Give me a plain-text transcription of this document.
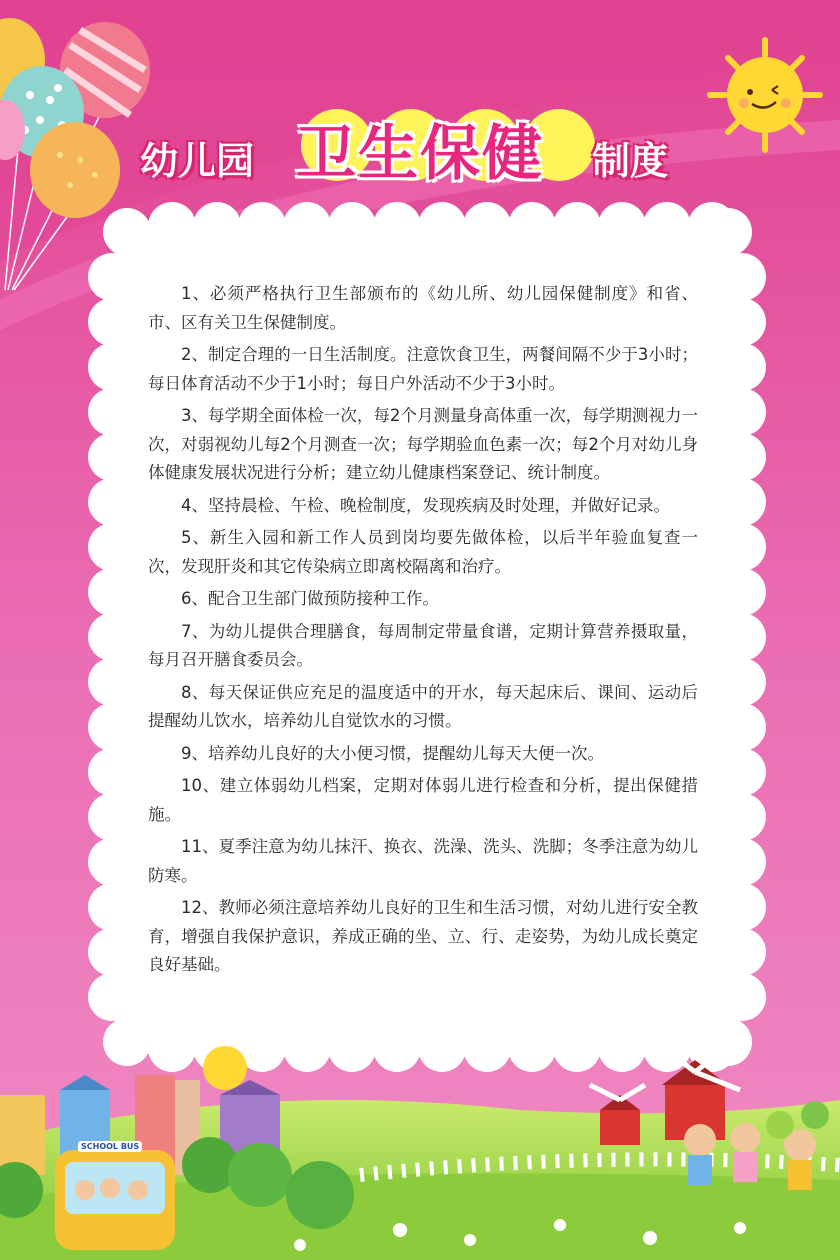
幼儿园 卫生保健 制度

1、必须严格执行卫生部颁布的《幼儿所、幼儿园保健制度》和省、市、区有关卫生保健制度。

2、制定合理的一日生活制度。注意饮食卫生，两餐间隔不少于3小时；每日体育活动不少于1小时；每日户外活动不少于3小时。

3、每学期全面体检一次，每2个月测量身高体重一次，每学期测视力一次，对弱视幼儿每2个月测查一次；每学期验血色素一次；每2个月对幼儿身体健康发展状况进行分析；建立幼儿健康档案登记、统计制度。

4、坚持晨检、午检、晚检制度，发现疾病及时处理，并做好记录。

5、新生入园和新工作人员到岗均要先做体检，以后半年验血复查一次，发现肝炎和其它传染病立即离校隔离和治疗。

6、配合卫生部门做预防接种工作。

7、为幼儿提供合理膳食，每周制定带量食谱，定期计算营养摄取量，每月召开膳食委员会。

8、每天保证供应充足的温度适中的开水，每天起床后、课间、运动后提醒幼儿饮水，培养幼儿自觉饮水的习惯。

9、培养幼儿良好的大小便习惯，提醒幼儿每天大便一次。

10、建立体弱幼儿档案，定期对体弱儿进行检查和分析，提出保健措施。

11、夏季注意为幼儿抹汗、换衣、洗澡、洗头、洗脚；冬季注意为幼儿防寒。

12、教师必须注意培养幼儿良好的卫生和生活习惯，对幼儿进行安全教育，增强自我保护意识，养成正确的坐、立、行、走姿势，为幼儿成长奠定良好基础。

SCHOOL BUS
